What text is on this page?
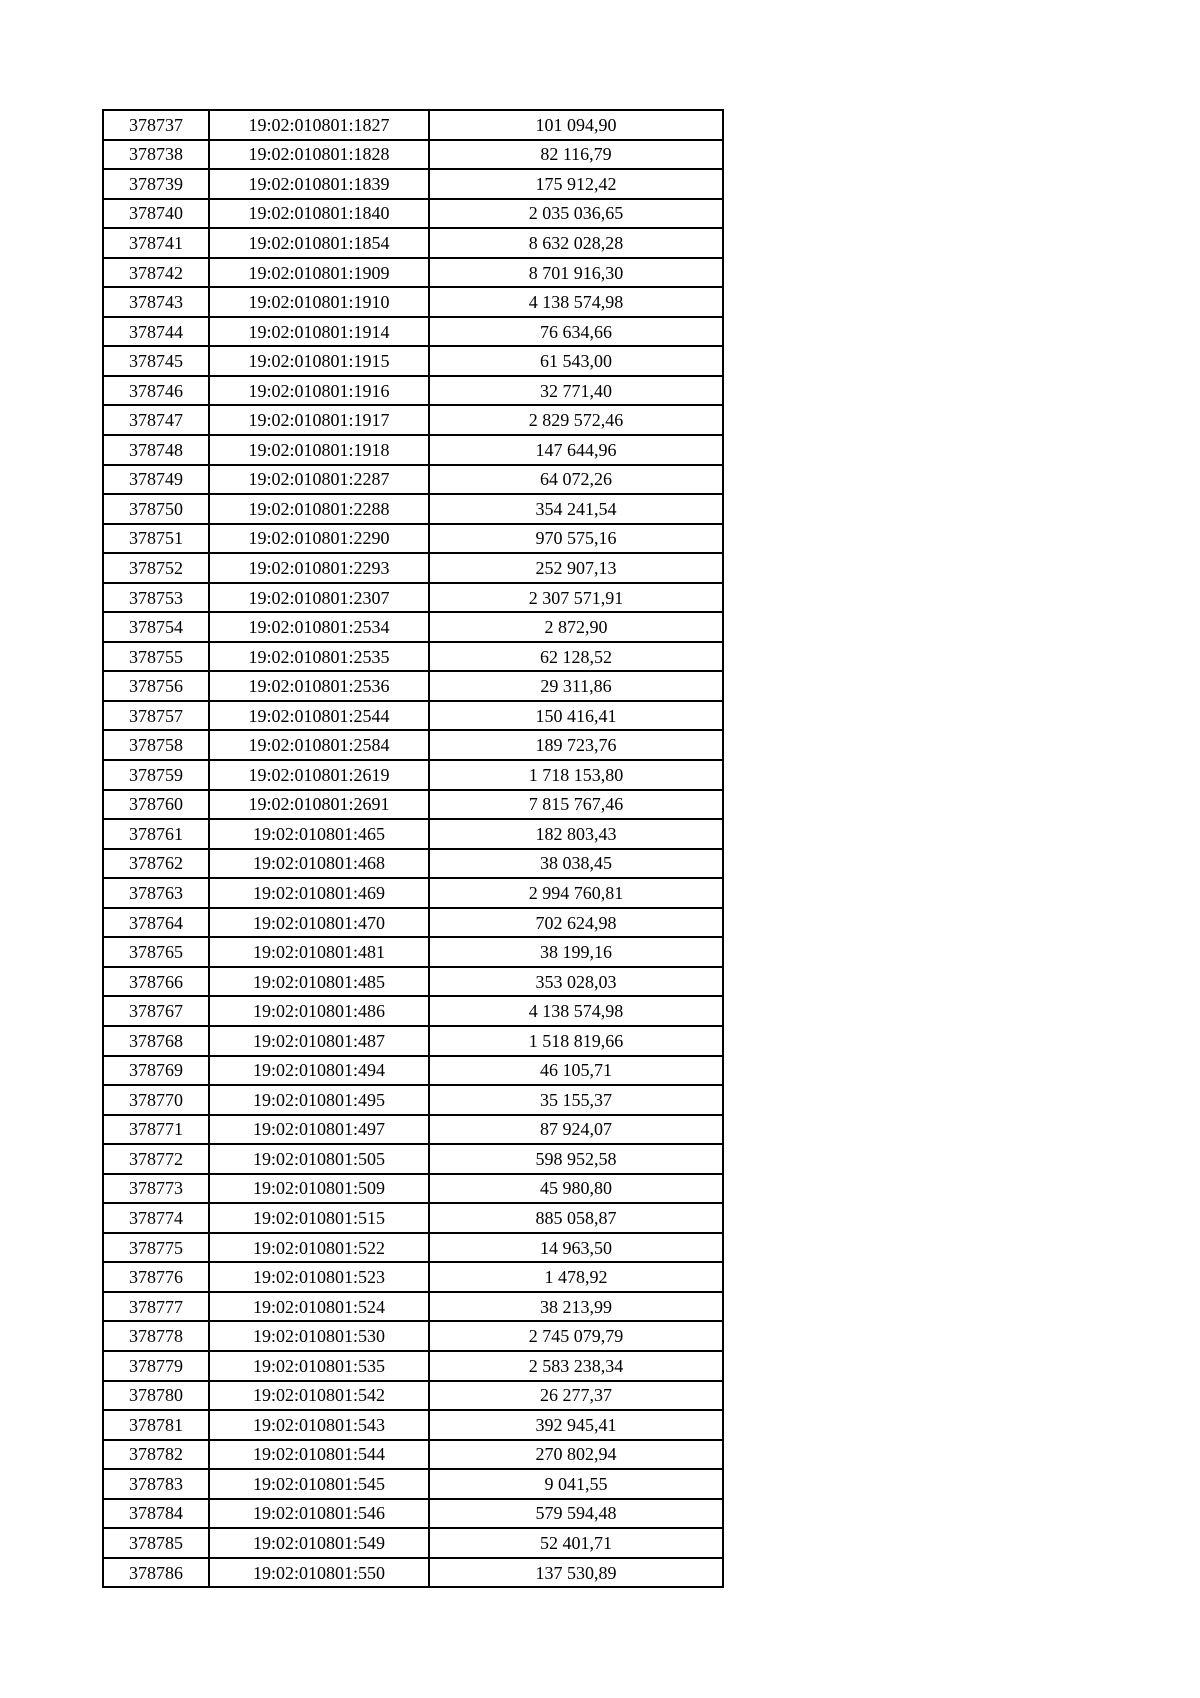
378737	19:02:010801:1827	101 094,90
378738	19:02:010801:1828	82 116,79
378739	19:02:010801:1839	175 912,42
378740	19:02:010801:1840	2 035 036,65
378741	19:02:010801:1854	8 632 028,28
378742	19:02:010801:1909	8 701 916,30
378743	19:02:010801:1910	4 138 574,98
378744	19:02:010801:1914	76 634,66
378745	19:02:010801:1915	61 543,00
378746	19:02:010801:1916	32 771,40
378747	19:02:010801:1917	2 829 572,46
378748	19:02:010801:1918	147 644,96
378749	19:02:010801:2287	64 072,26
378750	19:02:010801:2288	354 241,54
378751	19:02:010801:2290	970 575,16
378752	19:02:010801:2293	252 907,13
378753	19:02:010801:2307	2 307 571,91
378754	19:02:010801:2534	2 872,90
378755	19:02:010801:2535	62 128,52
378756	19:02:010801:2536	29 311,86
378757	19:02:010801:2544	150 416,41
378758	19:02:010801:2584	189 723,76
378759	19:02:010801:2619	1 718 153,80
378760	19:02:010801:2691	7 815 767,46
378761	19:02:010801:465	182 803,43
378762	19:02:010801:468	38 038,45
378763	19:02:010801:469	2 994 760,81
378764	19:02:010801:470	702 624,98
378765	19:02:010801:481	38 199,16
378766	19:02:010801:485	353 028,03
378767	19:02:010801:486	4 138 574,98
378768	19:02:010801:487	1 518 819,66
378769	19:02:010801:494	46 105,71
378770	19:02:010801:495	35 155,37
378771	19:02:010801:497	87 924,07
378772	19:02:010801:505	598 952,58
378773	19:02:010801:509	45 980,80
378774	19:02:010801:515	885 058,87
378775	19:02:010801:522	14 963,50
378776	19:02:010801:523	1 478,92
378777	19:02:010801:524	38 213,99
378778	19:02:010801:530	2 745 079,79
378779	19:02:010801:535	2 583 238,34
378780	19:02:010801:542	26 277,37
378781	19:02:010801:543	392 945,41
378782	19:02:010801:544	270 802,94
378783	19:02:010801:545	9 041,55
378784	19:02:010801:546	579 594,48
378785	19:02:010801:549	52 401,71
378786	19:02:010801:550	137 530,89
